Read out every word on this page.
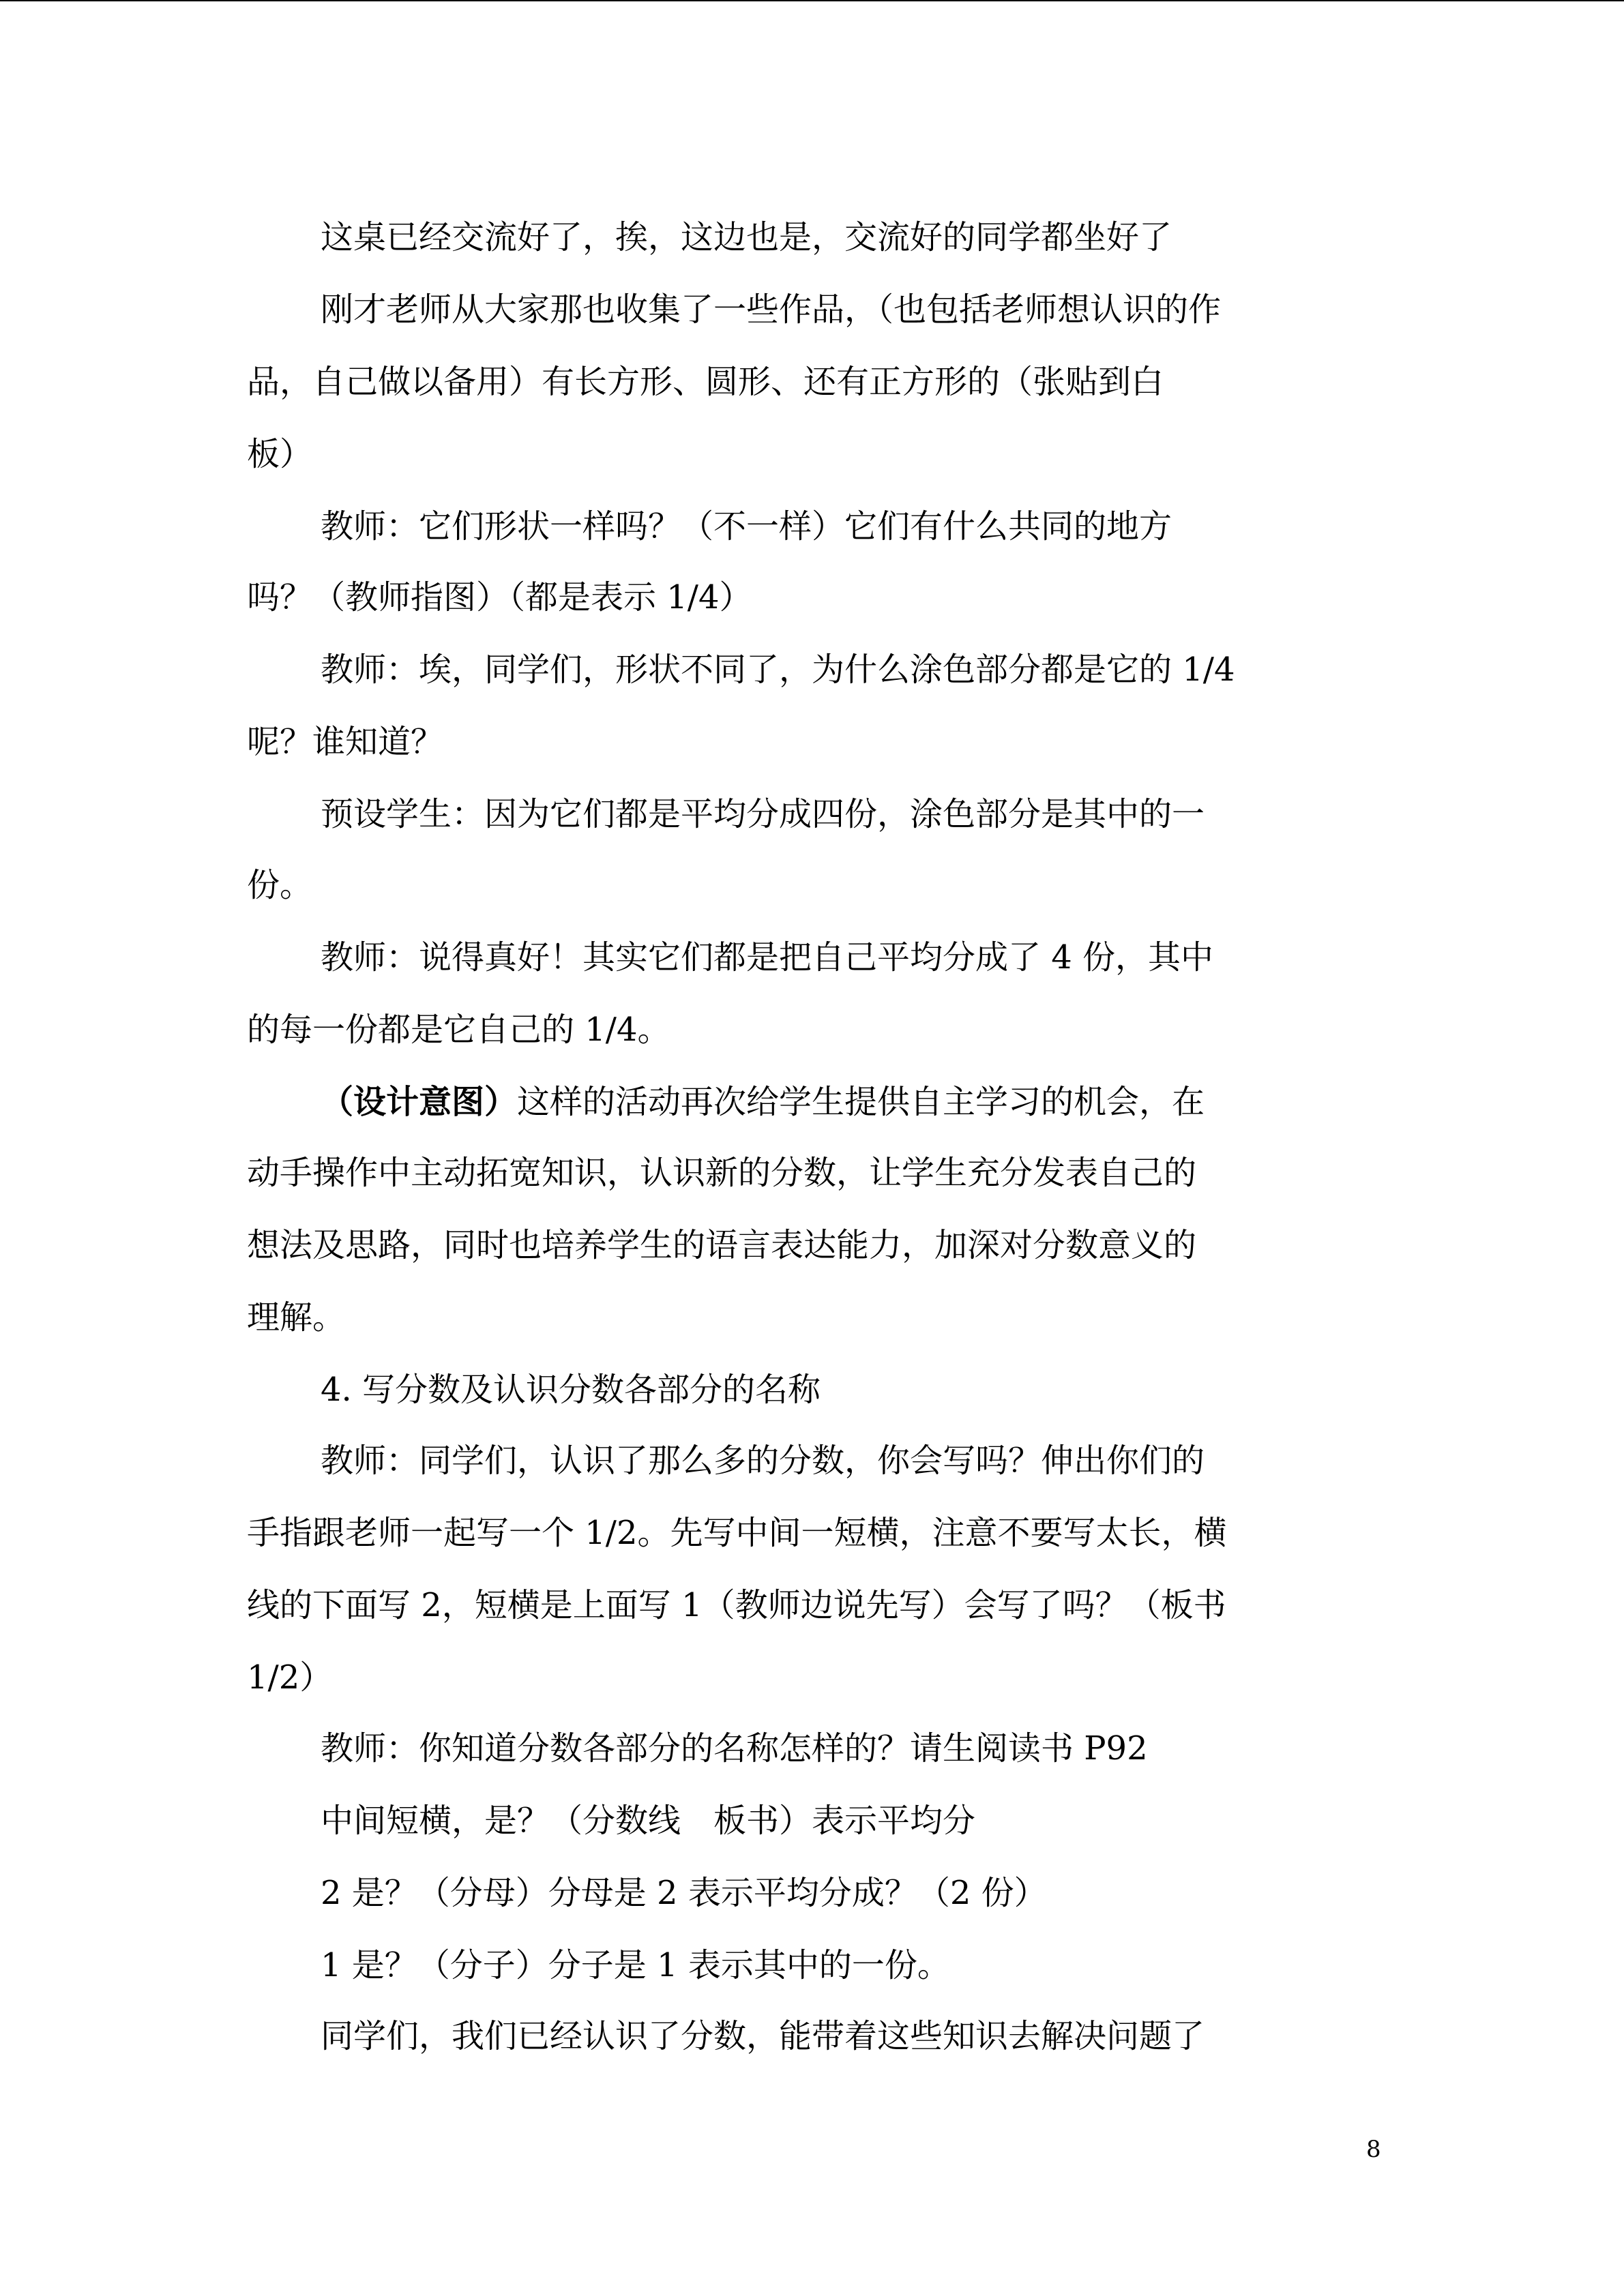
这桌已经交流好了，挨，这边也是，交流好的同学都坐好了
刚才老师从大家那也收集了一些作品，（也包括老师想认识的作
品，自己做以备用）有长方形、圆形、还有正方形的（张贴到白
板）
教师：它们形状一样吗？（不一样）它们有什么共同的地方
吗？（教师指图）（都是表示 1/4）
教师：埃，同学们，形状不同了，为什么涂色部分都是它的 1/4
呢？谁知道？
预设学生：因为它们都是平均分成四份，涂色部分是其中的一
份。
教师：说得真好！其实它们都是把自己平均分成了 4 份，其中
的每一份都是它自己的 1/4。
（设计意图）这样的活动再次给学生提供自主学习的机会，在
动手操作中主动拓宽知识，认识新的分数，让学生充分发表自己的
想法及思路，同时也培养学生的语言表达能力，加深对分数意义的
理解。
4. 写分数及认识分数各部分的名称
教师：同学们，认识了那么多的分数，你会写吗？伸出你们的
手指跟老师一起写一个 1/2。先写中间一短横，注意不要写太长，横
线的下面写 2，短横是上面写 1（教师边说先写）会写了吗？（板书
1/2）
教师：你知道分数各部分的名称怎样的？请生阅读书 P92
中间短横，是？（分数线　板书）表示平均分
2 是？（分母）分母是 2 表示平均分成？（2 份）
1 是？（分子）分子是 1 表示其中的一份。
同学们，我们已经认识了分数，能带着这些知识去解决问题了
8
